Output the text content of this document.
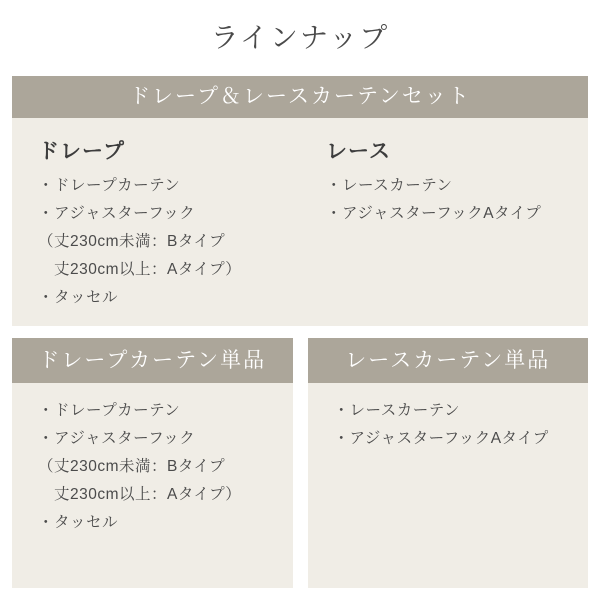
ラインナップ
ドレープ＆レースカーテンセット
ドレープ
・ドレープカーテン
・アジャスターフック
（丈230cm未満：Bタイプ
　丈230cm以上：Aタイプ）
・タッセル
レース
・レースカーテン
・アジャスターフックAタイプ
ドレープカーテン単品
・ドレープカーテン
・アジャスターフック
（丈230cm未満：Bタイプ
　丈230cm以上：Aタイプ）
・タッセル
レースカーテン単品
・レースカーテン
・アジャスターフックAタイプ
